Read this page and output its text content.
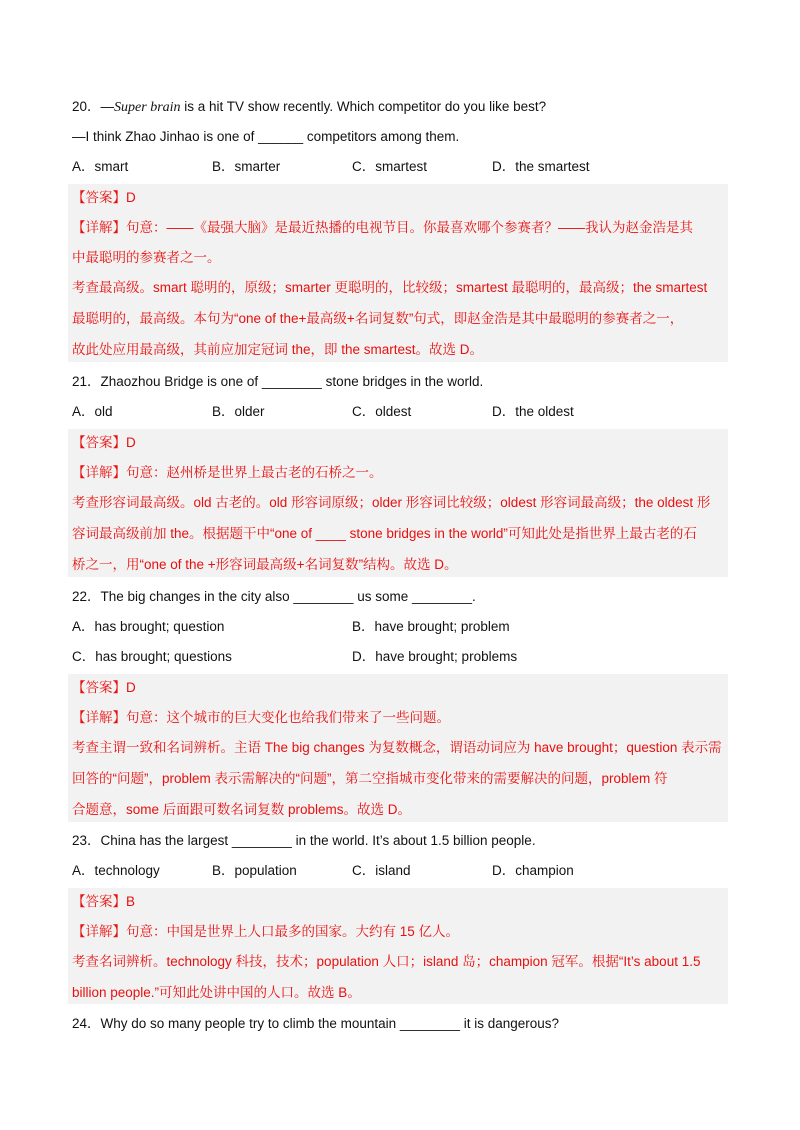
20．—Super brain is a hit TV show recently. Which competitor do you like best?
—I think Zhao Jinhao is one of ______ competitors among them.
A．smart	B．smarter	C．smartest	D．the smartest
【答案】D
【详解】句意：——《最强大脑》是最近热播的电视节目。你最喜欢哪个参赛者？——我认为赵金浩是其
中最聪明的参赛者之一。
考查最高级。smart 聪明的，原级；smarter 更聪明的，比较级；smartest 最聪明的，最高级；the smartest
最聪明的，最高级。本句为“one of the+最高级+名词复数”句式，即赵金浩是其中最聪明的参赛者之一，
故此处应用最高级，其前应加定冠词 the，即 the smartest。故选 D。
21．Zhaozhou Bridge is one of ________ stone bridges in the world.
A．old	B．older	C．oldest	D．the oldest
【答案】D
【详解】句意：赵州桥是世界上最古老的石桥之一。
考查形容词最高级。old 古老的。old 形容词原级；older 形容词比较级；oldest 形容词最高级；the oldest 形
容词最高级前加 the。根据题干中“one of ____ stone bridges in the world”可知此处是指世界上最古老的石
桥之一，用“one of the +形容词最高级+名词复数”结构。故选 D。
22．The big changes in the city also ________ us some ________.
A．has brought; question	B．have brought; problem
C．has brought; questions	D．have brought; problems
【答案】D
【详解】句意：这个城市的巨大变化也给我们带来了一些问题。
考查主谓一致和名词辨析。主语 The big changes 为复数概念，谓语动词应为 have brought；question 表示需
回答的“问题”，problem 表示需解决的“问题”，第二空指城市变化带来的需要解决的问题，problem 符
合题意，some 后面跟可数名词复数 problems。故选 D。
23．China has the largest ________ in the world. It’s about 1.5 billion people.
A．technology	B．population	C．island	D．champion
【答案】B
【详解】句意：中国是世界上人口最多的国家。大约有 15 亿人。
考查名词辨析。technology 科技，技术；population 人口；island 岛；champion 冠军。根据“It’s about 1.5
billion people.”可知此处讲中国的人口。故选 B。
24．Why do so many people try to climb the mountain ________ it is dangerous?
